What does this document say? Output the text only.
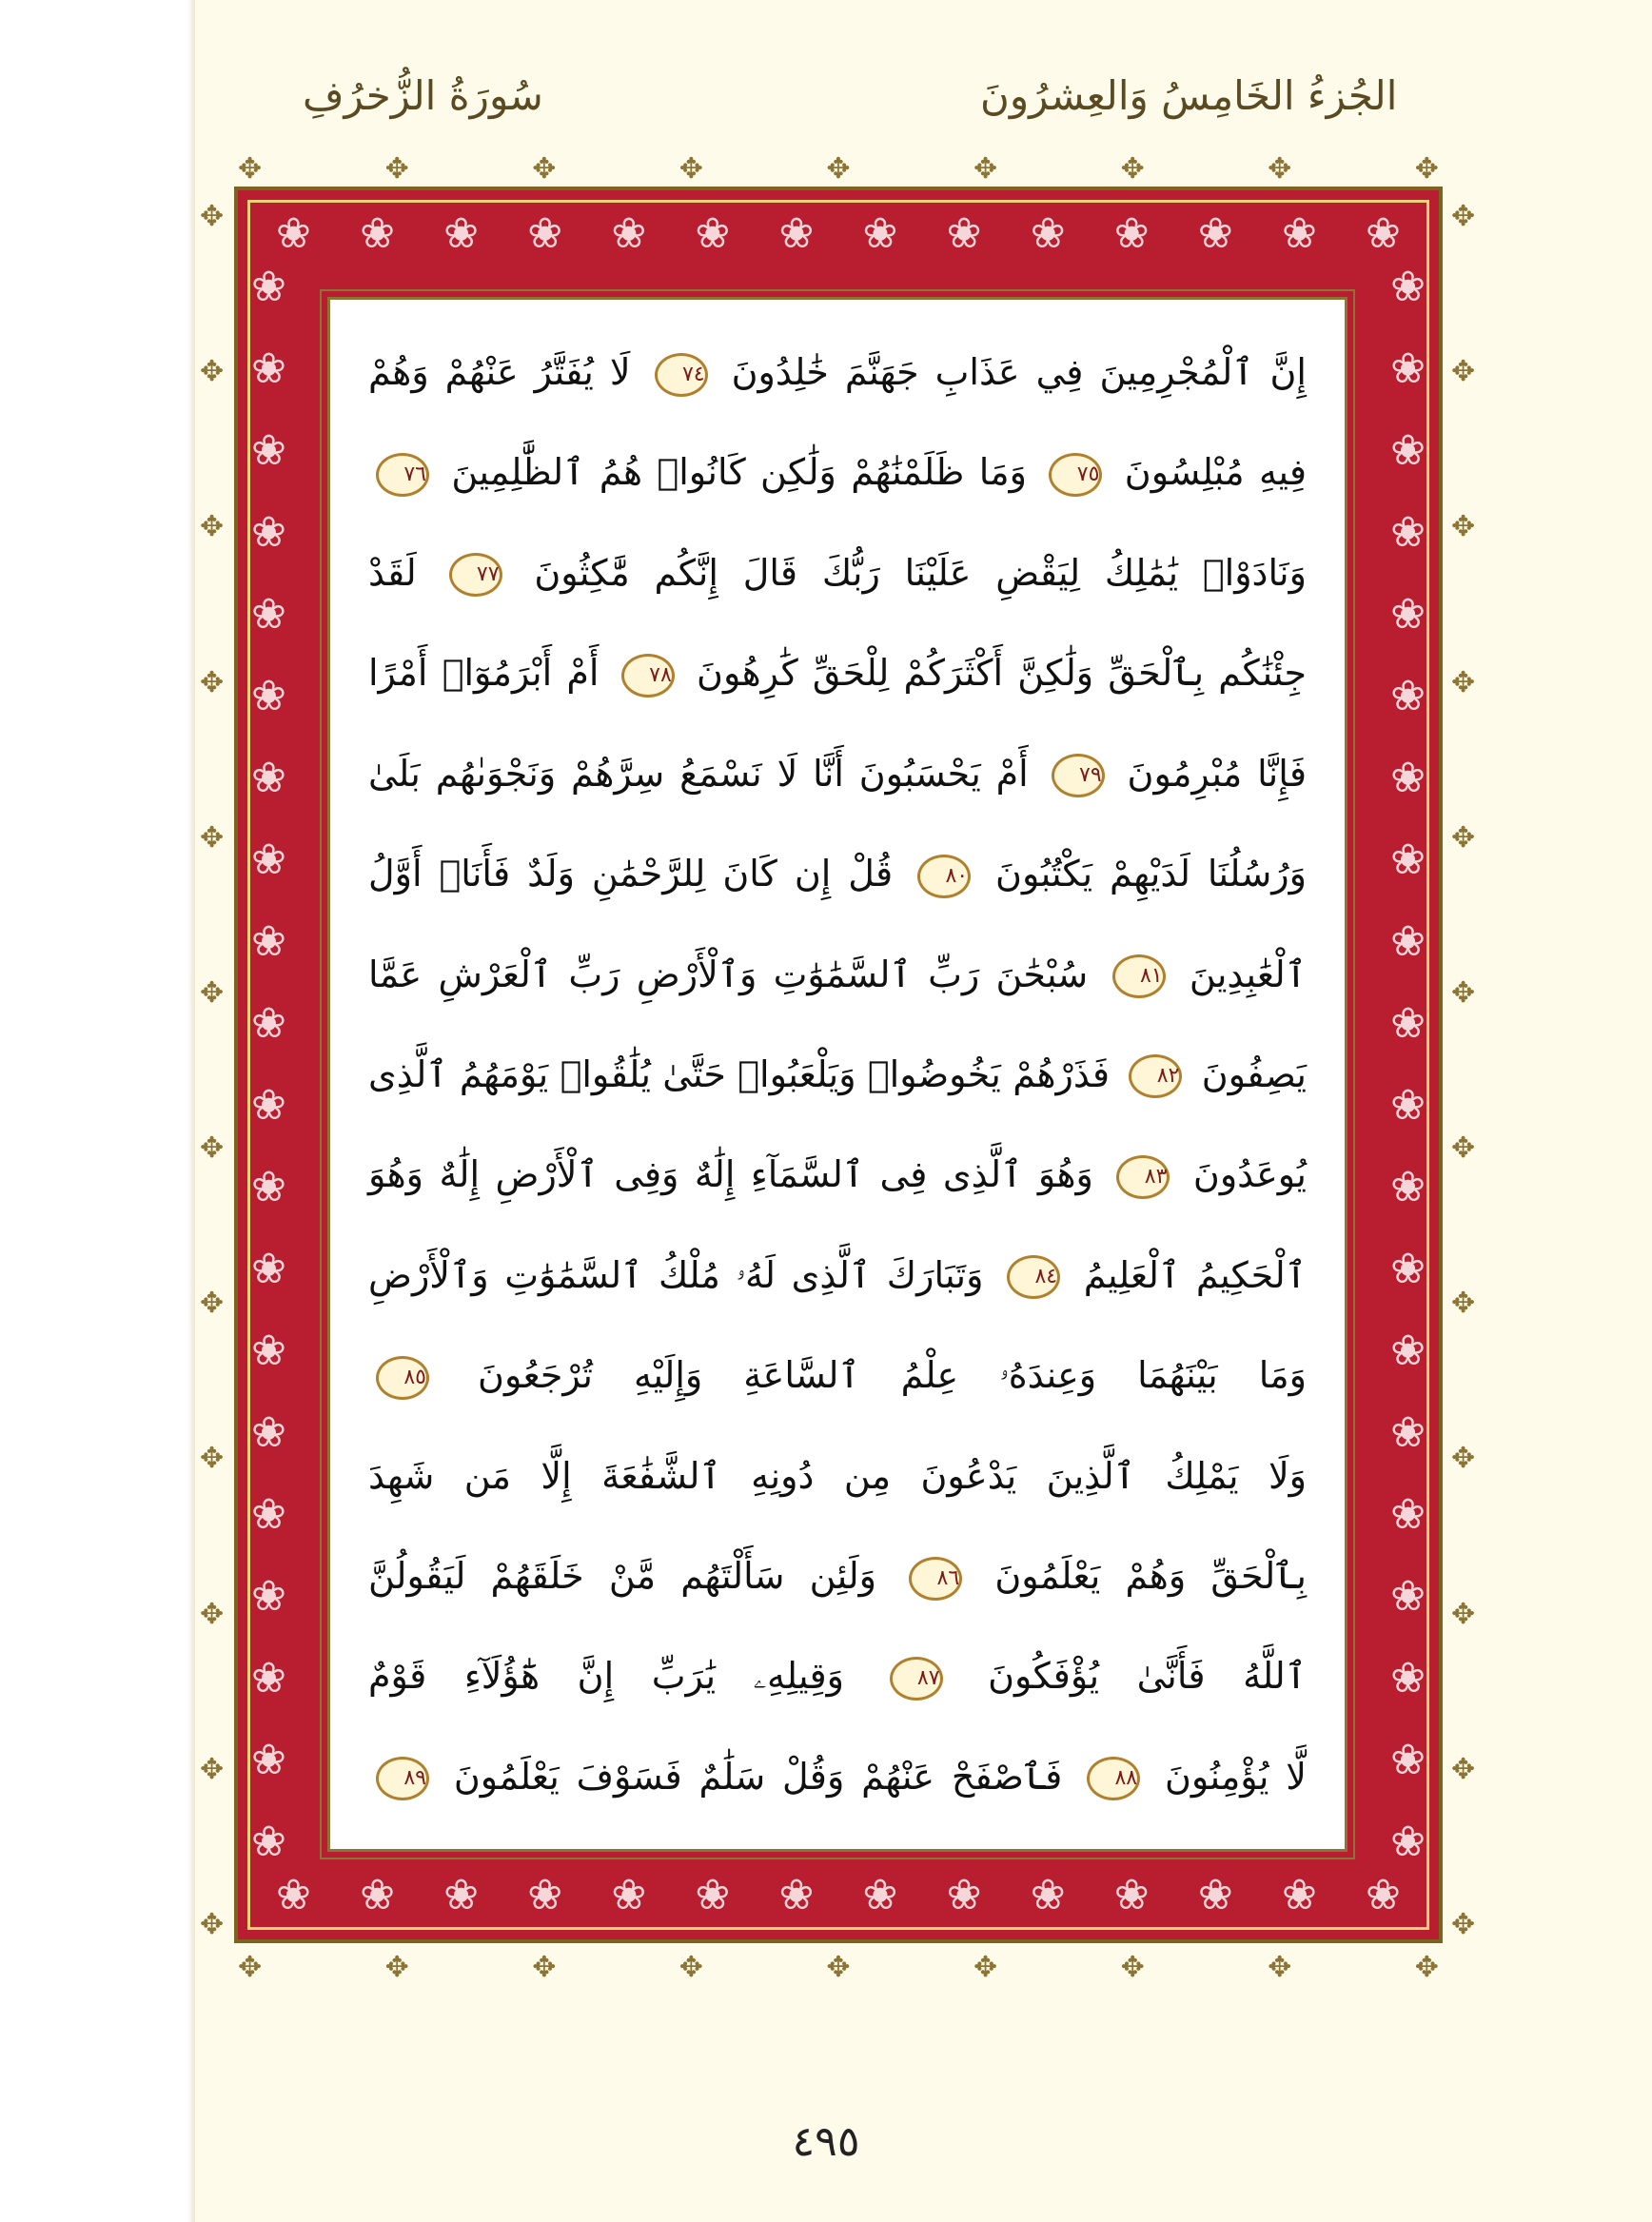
الجُزءُ الخَامِسُ وَالعِشرُونَ
سُورَةُ الزُّخرُفِ
✥	✥	✥	✥	✥	✥	✥	✥	✥
✥	✥	✥	✥	✥	✥	✥	✥	✥
✥
✥
✥
✥
✥
✥
✥
✥
✥
✥
✥
✥
✥
✥
✥
✥
✥
✥
✥
✥
✥
✥
✥
✥
❀ ❀ ❀ ❀ ❀ ❀ ❀ ❀ ❀ ❀ ❀ ❀ ❀ ❀
❀ ❀ ❀ ❀ ❀ ❀ ❀ ❀ ❀ ❀ ❀ ❀ ❀ ❀
❀
❀
❀
❀
❀
❀
❀
❀
❀
❀
❀
❀
❀
❀
❀
❀
❀
❀
❀
❀
❀
❀
❀
❀
❀
❀
❀
❀
❀
❀
❀
❀
❀
❀
❀
❀
❀
❀
❀
❀
إِنَّ ٱلْمُجْرِمِينَ فِي عَذَابِ جَهَنَّمَ خَٰلِدُونَ ٧٤ لَا يُفَتَّرُ عَنْهُمْ وَهُمْ
فِيهِ مُبْلِسُونَ ٧٥ وَمَا ظَلَمْنَٰهُمْ وَلَٰكِن كَانُوا۟ هُمُ ٱلظَّٰلِمِينَ ٧٦
وَنَادَوْا۟ يَٰمَٰلِكُ لِيَقْضِ عَلَيْنَا رَبُّكَ قَالَ إِنَّكُم مَّٰكِثُونَ ٧٧ لَقَدْ
جِئْنَٰكُم بِٱلْحَقِّ وَلَٰكِنَّ أَكْثَرَكُمْ لِلْحَقِّ كَٰرِهُونَ ٧٨ أَمْ أَبْرَمُوٓا۟ أَمْرًا
فَإِنَّا مُبْرِمُونَ ٧٩ أَمْ يَحْسَبُونَ أَنَّا لَا نَسْمَعُ سِرَّهُمْ وَنَجْوَىٰهُم بَلَىٰ
وَرُسُلُنَا لَدَيْهِمْ يَكْتُبُونَ ٨٠ قُلْ إِن كَانَ لِلرَّحْمَٰنِ وَلَدٌ فَأَنَا۠ أَوَّلُ
ٱلْعَٰبِدِينَ ٨١ سُبْحَٰنَ رَبِّ ٱلسَّمَٰوَٰتِ وَٱلْأَرْضِ رَبِّ ٱلْعَرْشِ عَمَّا
يَصِفُونَ ٨٢ فَذَرْهُمْ يَخُوضُوا۟ وَيَلْعَبُوا۟ حَتَّىٰ يُلَٰقُوا۟ يَوْمَهُمُ ٱلَّذِى
يُوعَدُونَ ٨٣ وَهُوَ ٱلَّذِى فِى ٱلسَّمَآءِ إِلَٰهٌ وَفِى ٱلْأَرْضِ إِلَٰهٌ وَهُوَ
ٱلْحَكِيمُ ٱلْعَلِيمُ ٨٤ وَتَبَارَكَ ٱلَّذِى لَهُۥ مُلْكُ ٱلسَّمَٰوَٰتِ وَٱلْأَرْضِ
وَمَا بَيْنَهُمَا وَعِندَهُۥ عِلْمُ ٱلسَّاعَةِ وَإِلَيْهِ تُرْجَعُونَ ٨٥
وَلَا يَمْلِكُ ٱلَّذِينَ يَدْعُونَ مِن دُونِهِ ٱلشَّفَٰعَةَ إِلَّا مَن شَهِدَ
بِٱلْحَقِّ وَهُمْ يَعْلَمُونَ ٨٦ وَلَئِن سَأَلْتَهُم مَّنْ خَلَقَهُمْ لَيَقُولُنَّ
ٱللَّهُ فَأَنَّىٰ يُؤْفَكُونَ ٨٧ وَقِيلِهِۦ يَٰرَبِّ إِنَّ هَٰٓؤُلَآءِ قَوْمٌ
لَّا يُؤْمِنُونَ ٨٨ فَٱصْفَحْ عَنْهُمْ وَقُلْ سَلَٰمٌ فَسَوْفَ يَعْلَمُونَ ٨٩
٤٩٥
